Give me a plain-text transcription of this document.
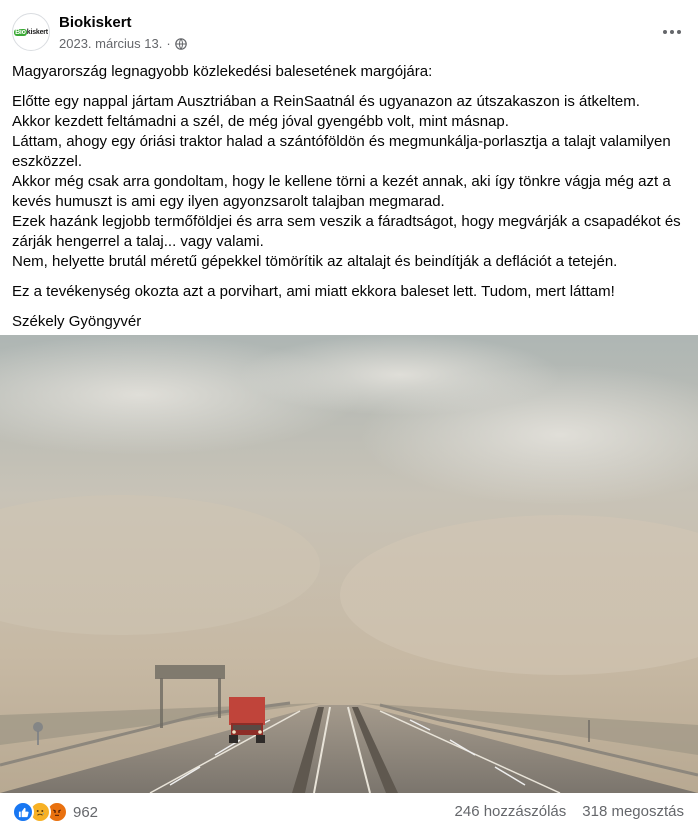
Biokiskert
Biokiskert
2023. március 13. ·

Magyarország legnagyobb közlekedési balesetének margójára:

Előtte egy nappal jártam Ausztriában a ReinSaatnál és ugyanazon az útszakaszon is átkeltem.

Akkor kezdett feltámadni a szél, de még jóval gyengébb volt, mint másnap.

Láttam, ahogy egy óriási traktor halad a szántóföldön és megmunkálja-porlasztja a talajt valamilyen eszközzel.

Akkor még csak arra gondoltam, hogy le kellene törni a kezét annak, aki így tönkre vágja még azt a kevés humuszt is ami egy ilyen agyonzsarolt talajban megmarad.

Ezek hazánk legjobb termőföldjei és arra sem veszik a fáradtságot, hogy megvárják a csapadékot és zárják hengerrel a talaj... vagy valami.

Nem, helyette brutál méretű gépekkel tömörítik az altalajt és beindítják a deflációt a tetején.

Ez a tevékenység okozta azt a porvihart, ami miatt ekkora baleset lett. Tudom, mert láttam!

Székely Gyöngyvér

962	246 hozzászólás 318 megosztás
